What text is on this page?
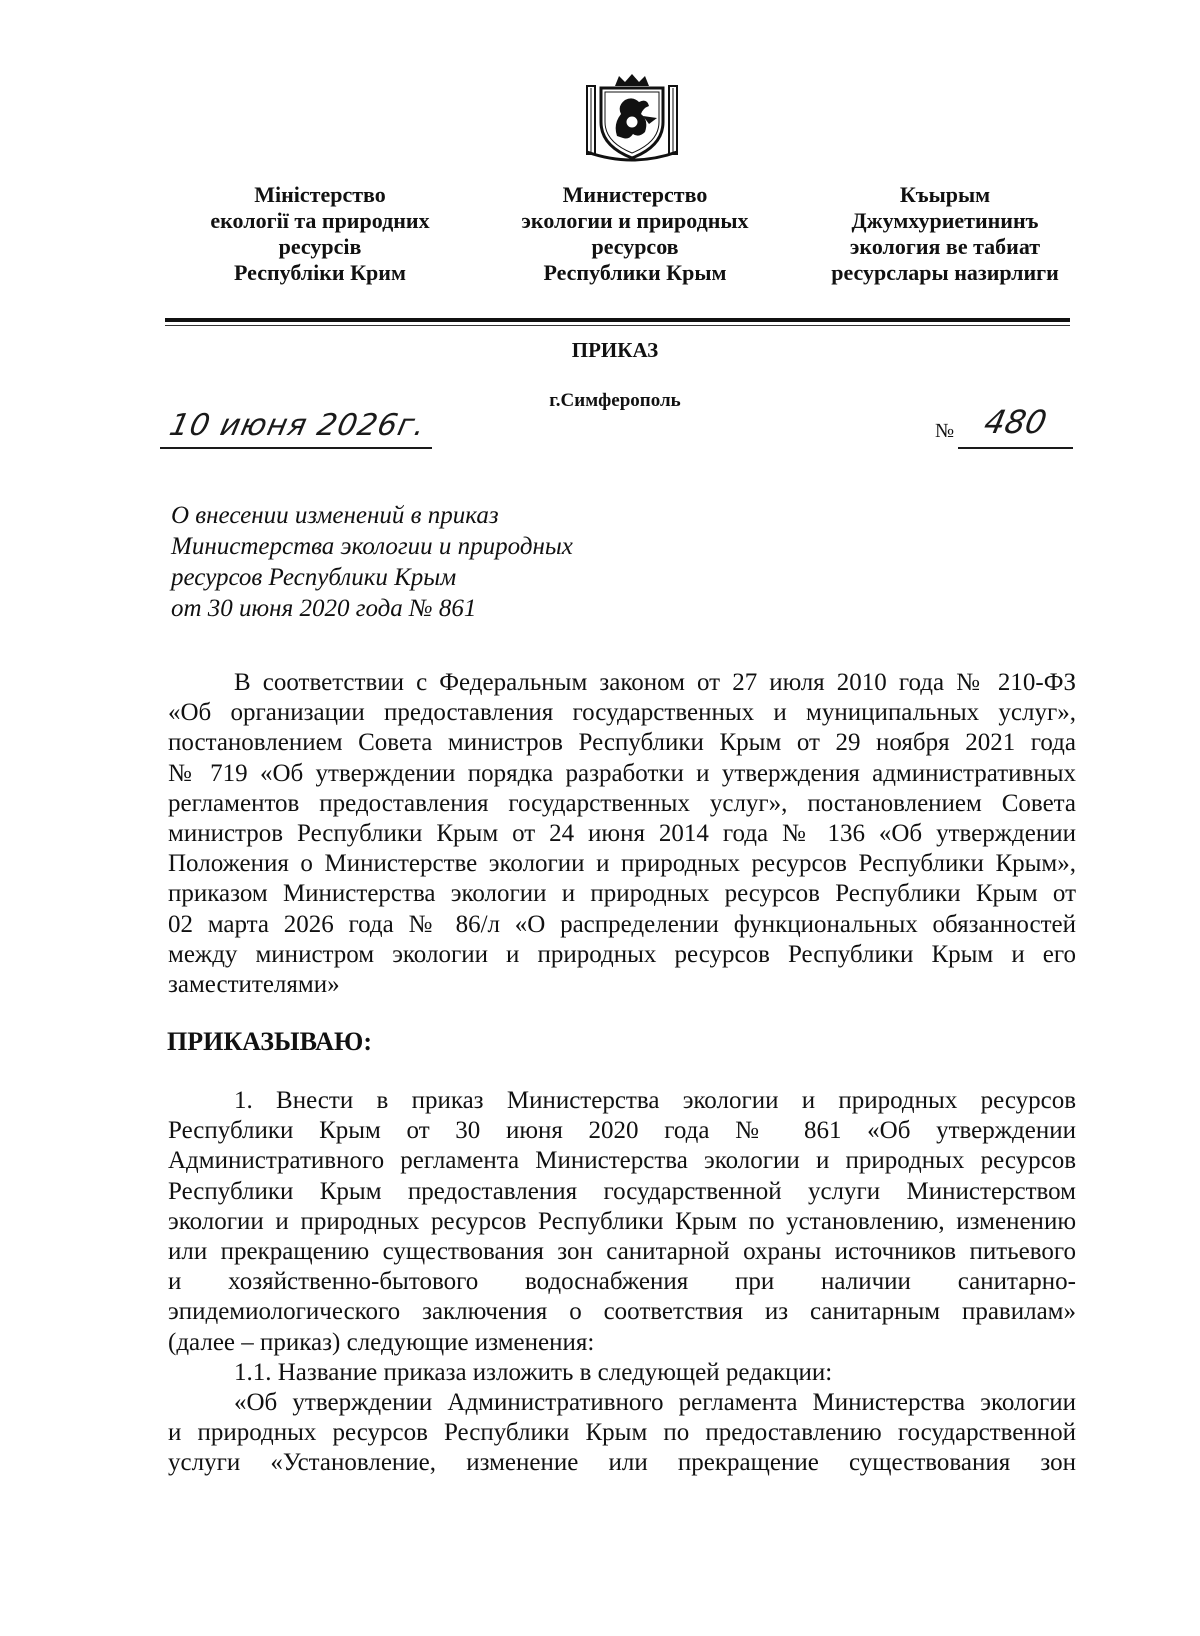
Міністерство
екології та природних
ресурсів
Республіки Крим
Министерство
экологии и природных
ресурсов
Республики Крым
Къырым
Джумхуриетининъ
экология ве табиат
ресурслары назирлиги
ПРИКАЗ
г.Симферополь
10 июня 2026г.	№ 480
О внесении изменений в приказ
Министерства экологии и природных
ресурсов Республики Крым
от 30 июня 2020 года № 861
В соответствии с Федеральным законом от 27 июля 2010 года № 210-ФЗ
«Об организации предоставления государственных и муниципальных услуг»,
постановлением Совета министров Республики Крым от 29 ноября 2021 года
№ 719 «Об утверждении порядка разработки и утверждения административных
регламентов предоставления государственных услуг», постановлением Совета
министров Республики Крым от 24 июня 2014 года № 136 «Об утверждении
Положения о Министерстве экологии и природных ресурсов Республики Крым»,
приказом Министерства экологии и природных ресурсов Республики Крым от
02 марта 2026 года № 86/л «О распределении функциональных обязанностей
между министром экологии и природных ресурсов Республики Крым и его
заместителями»
ПРИКАЗЫВАЮ:
1. Внести в приказ Министерства экологии и природных ресурсов
Республики Крым от 30 июня 2020 года № 861 «Об утверждении
Административного регламента Министерства экологии и природных ресурсов
Республики Крым предоставления государственной услуги Министерством
экологии и природных ресурсов Республики Крым по установлению, изменению
или прекращению существования зон санитарной охраны источников питьевого
и хозяйственно-бытового водоснабжения при наличии санитарно-
эпидемиологического заключения о соответствия из санитарным правилам»
(далее – приказ) следующие изменения:
1.1. Название приказа изложить в следующей редакции:
«Об утверждении Административного регламента Министерства экологии
и природных ресурсов Республики Крым по предоставлению государственной
услуги «Установление, изменение или прекращение существования зон
